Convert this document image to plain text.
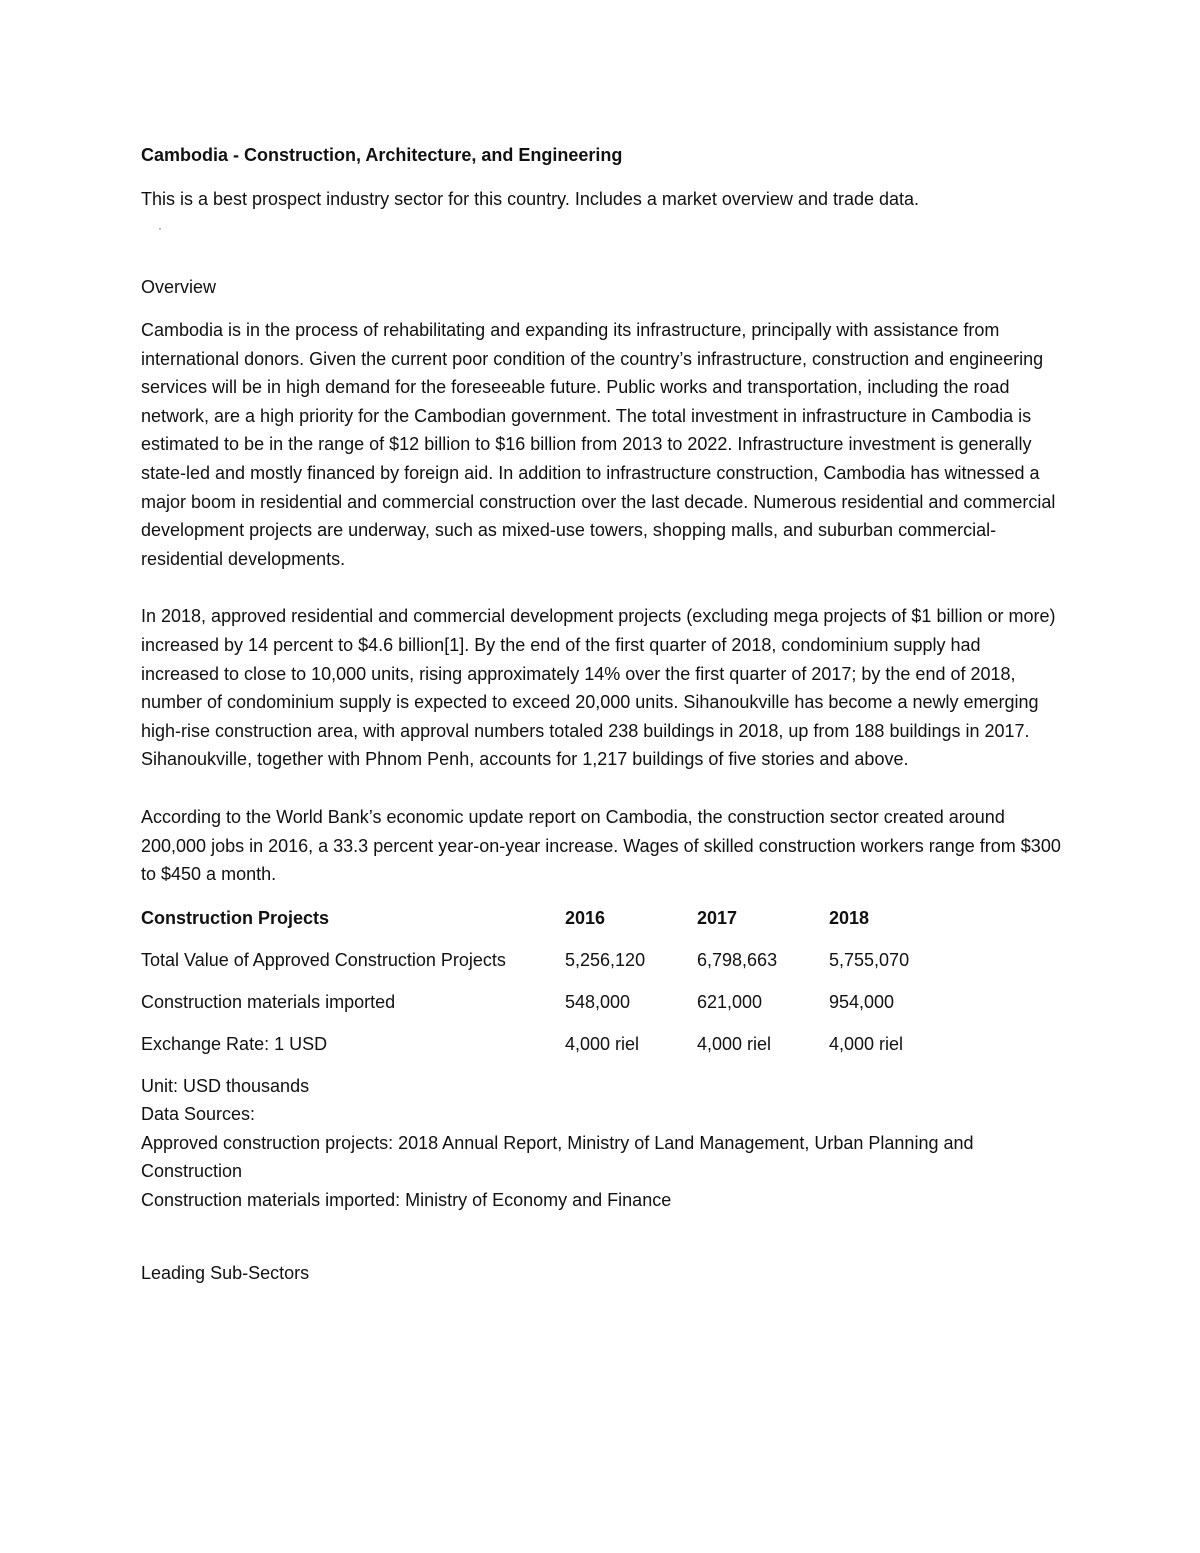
Cambodia - Construction, Architecture, and Engineering

This is a best prospect industry sector for this country. Includes a market overview and trade data.

·

Overview

Cambodia is in the process of rehabilitating and expanding its infrastructure, principally with assistance from international donors. Given the current poor condition of the country’s infrastructure, construction and engineering services will be in high demand for the foreseeable future. Public works and transportation, including the road network, are a high priority for the Cambodian government. The total investment in infrastructure in Cambodia is estimated to be in the range of $12 billion to $16 billion from 2013 to 2022. Infrastructure investment is generally state-led and mostly financed by foreign aid. In addition to infrastructure construction, Cambodia has witnessed a major boom in residential and commercial construction over the last decade. Numerous residential and commercial development projects are underway, such as mixed-use towers, shopping malls, and suburban commercial-residential developments.

In 2018, approved residential and commercial development projects (excluding mega projects of $1 billion or more) increased by 14 percent to $4.6 billion[1]. By the end of the first quarter of 2018, condominium supply had increased to close to 10,000 units, rising approximately 14% over the first quarter of 2017; by the end of 2018, number of condominium supply is expected to exceed 20,000 units. Sihanoukville has become a newly emerging high-rise construction area, with approval numbers totaled 238 buildings in 2018, up from 188 buildings in 2017. Sihanoukville, together with Phnom Penh, accounts for 1,217 buildings of five stories and above.

According to the World Bank’s economic update report on Cambodia, the construction sector created around 200,000 jobs in 2016, a 33.3 percent year-on-year increase. Wages of skilled construction workers range from $300 to $450 a month.

Construction Projects	2016	2017	2018
Total Value of Approved Construction Projects	5,256,120	6,798,663	5,755,070
Construction materials imported	548,000	621,000	954,000
Exchange Rate: 1 USD	4,000 riel	4,000 riel	4,000 riel
Unit: USD thousands
Data Sources:
Approved construction projects: 2018 Annual Report, Ministry of Land Management, Urban Planning and Construction
Construction materials imported: Ministry of Economy and Finance

Leading Sub-Sectors
